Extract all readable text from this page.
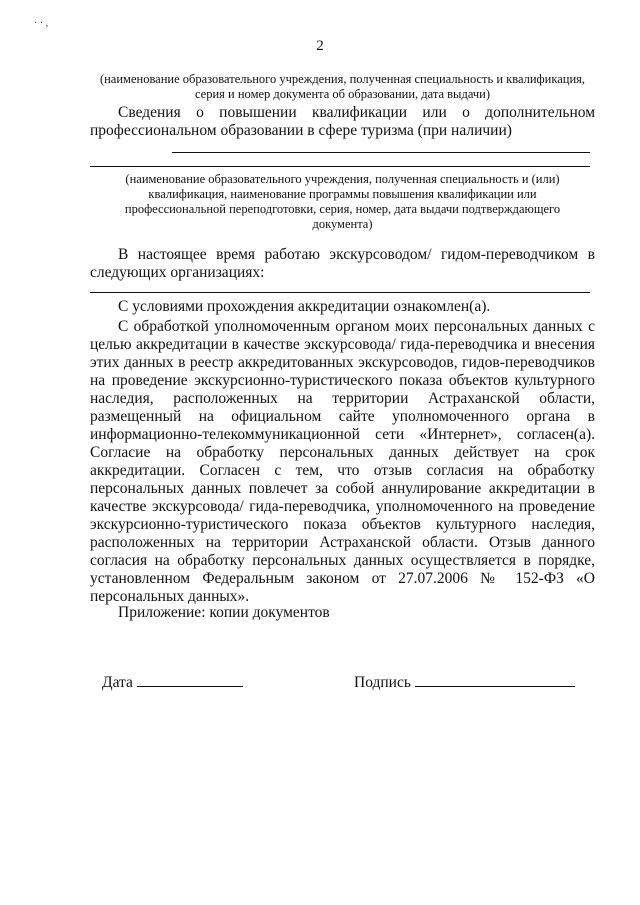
· · ,
2
(наименование образовательного учреждения, полученная специальность и квалификация,
серия и номер документа об образовании, дата выдачи)
Сведения о повышении квалификации или о дополнительном профессиональном образовании в сфере туризма (при наличии)
(наименование образовательного учреждения, полученная специальность и (или) квалификация, наименование программы повышения квалификации или профессиональной переподготовки, серия, номер, дата выдачи подтверждающего документа)
В настоящее время работаю экскурсоводом/ гидом-переводчиком в следующих организациях:
С условиями прохождения аккредитации ознакомлен(а).
С обработкой уполномоченным органом моих персональных данных с целью аккредитации в качестве экскурсовода/ гида-переводчика и внесения этих данных в реестр аккредитованных экскурсоводов, гидов-переводчиков на проведение экскурсионно-туристического показа объектов культурного наследия, расположенных на территории Астраханской области, размещенный на официальном сайте уполномоченного органа в информационно-телекоммуникационной сети «Интернет», согласен(а). Согласие на обработку персональных данных действует на срок аккредитации. Согласен с тем, что отзыв согласия на обработку персональных данных повлечет за собой аннулирование аккредитации в качестве экскурсовода/ гида-переводчика, уполномоченного на проведение экскурсионно-туристического показа объектов культурного наследия, расположенных на территории Астраханской области. Отзыв данного согласия на обработку персональных данных осуществляется в порядке, установленном Федеральным законом от 27.07.2006 № 152-ФЗ «О персональных данных».
Приложение: копии документов
Дата	Подпись
